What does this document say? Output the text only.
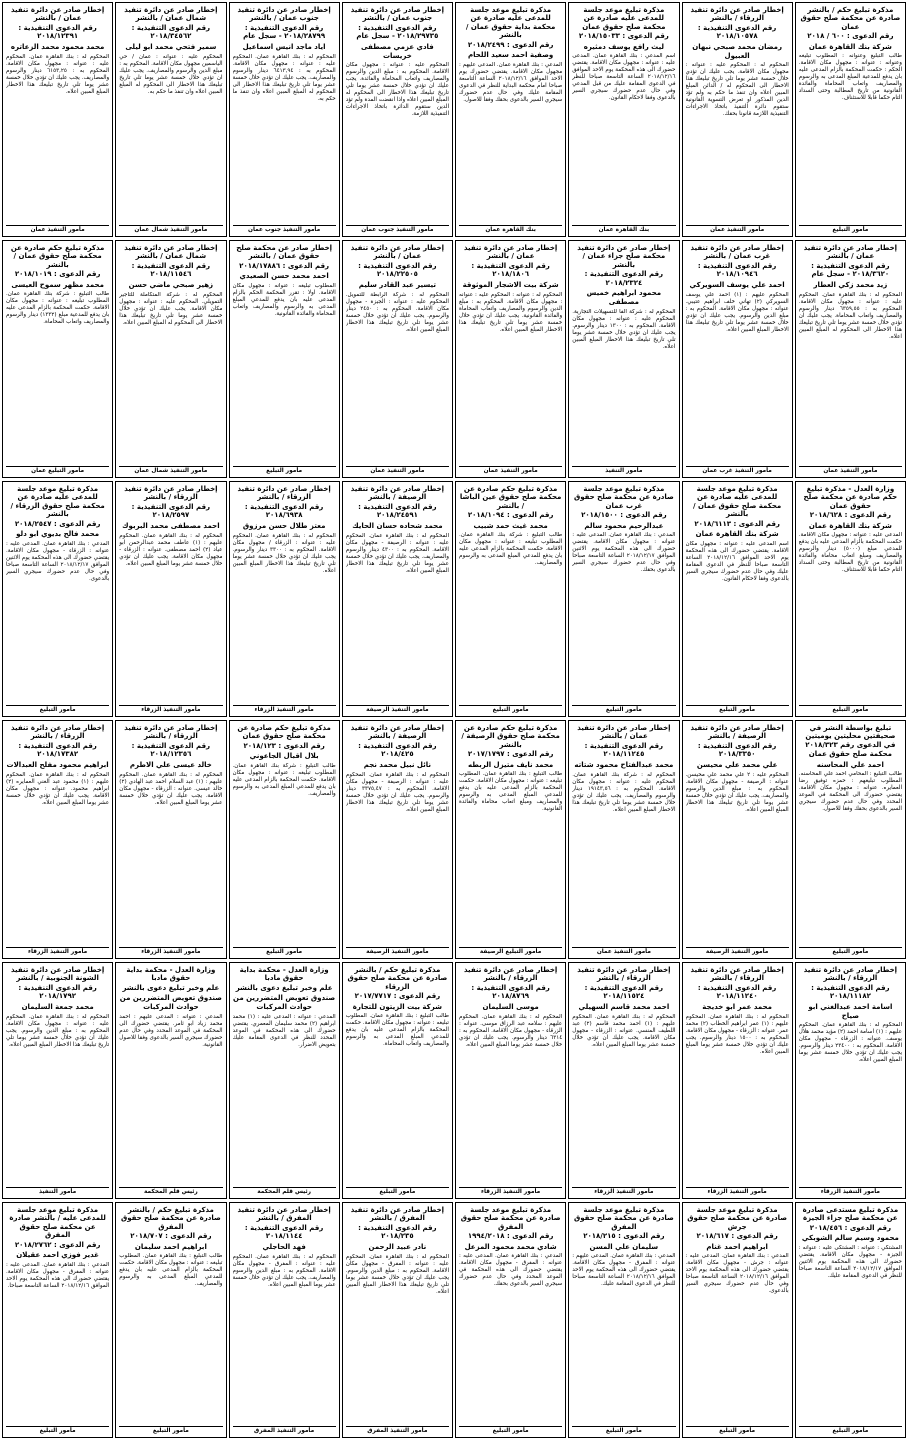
مذكرة تبليغ حكم / بالنشر صادرة عن محكمة صلح حقوق عمان
رقم الدعوى : ٦٠٠ / ٢٠١٨
شركة بنك القاهرة عمان
طالب التبليغ وعنوانه : المطلوب تبليغه وعنوانه : عنوانه : مجهول مكان الاقامة. الحكم : حكمت المحكمة بالزام المدعى عليه بان يدفع للمدعية المبلغ المدعى به والرسوم والمصاريف واتعاب المحاماة والفائدة القانونية من تاريخ المطالبة وحتى السداد التام حكما قابلا للاستئناف.
مأمور التبليغ
إخطار صادر عن دائرة تنفيذ الزرقاء / بالنشر
رقم الدعوى التنفيذية : ٢٠١٨/١٠٥٧٨
رمضان محمد صبحي نبهان العبيول
المحكوم له : المحكوم عليه : عنوانه : مجهول مكان الاقامة. يجب عليك ان تؤدي خلال خمسة عشر يوما تلي تاريخ تبليغك هذا الاخطار الى المحكوم له / الدائن المبلغ المبين اعلاه وان تنفذ ما حكم به ولم تؤد الدين المذكور او تعرض التسوية القانونية ستقوم دائرة التنفيذ باتخاذ الاجراءات التنفيذية اللازمة قانونا بحقك.
مأمور التنفيذ عمان
مذكرة تبليغ موعد جلسة للمدعى عليه صادرة عن محكمة صلح حقوق عمان
رقم الدعوى : ٢٠١٨/١٥٠٣٣
ليث رافع يوسف دمثيره
اسم المدعي : بنك القاهرة عمان. المدعى عليه : عنوانه : مجهول مكان الاقامة. يقتضي حضورك الى هذه المحكمة يوم الاحد الموافق ٢٠١٨/١٢/١٦ الساعة التاسعة صباحا للنظر في الدعوى المقامة عليك من قبل المدعي وفي حال عدم حضورك سيجري السير بالدعوى وفقا لاحكام القانون.
بنك القاهرة عمان
مذكرة تبليغ موعد جلسة للمدعى عليه صادرة عن محكمة بداية حقوق عمان / بالنشر
رقم الدعوى : ٢٠١٨/٢٤٩٩
وصفية احمد سعيد اللحام
المدعي : بنك القاهرة عمان. المدعى عليهم : مجهول مكان الاقامة. يقتضي حضورك يوم الاحد الموافق ٢٠١٨/١٢/١٦ الساعة التاسعة صباحا امام محكمة البداية للنظر في الدعوى المقامة عليك وفي حال عدم حضورك سيجري السير بالدعوى بحقك وفقا للاصول.
بنك القاهرة عمان
إخطار صادر عن دائرة تنفيذ جنوب عمان / بالنشر
رقم الدعوى التنفيذية : ٢٠١٨/٢٩٧٣٥ - سجل عام
فادي عزمي مصطفى خريسات
المحكوم عليه : عنوانه : مجهول مكان الاقامة. المحكوم به : مبلغ الدين والرسوم والمصاريف واتعاب المحاماة والفائدة. يجب عليك ان تؤدي خلال خمسة عشر يوما تلي تاريخ تبليغك هذا الاخطار الى المحكوم له المبلغ المبين اعلاه واذا انقضت المدة ولم تؤد الدين ستقوم الدائرة باتخاذ الاجراءات التنفيذية اللازمة.
مأمور التنفيذ جنوب عمان
إخطار صادر عن دائرة تنفيذ جنوب عمان / بالنشر
رقم الدعوى التنفيذية : ٢٠١٨/٢٨٧٩٩ - سجل عام
اياد ماجد انيس اسماعيل
المحكوم له : بنك القاهرة عمان. المحكوم عليه : عنوانه : مجهول مكان الاقامة. المحكوم به : ٦٤١٣,٩٤ دينار والرسوم والمصاريف. يجب عليك ان تؤدي خلال خمسة عشر يوما تلي تاريخ تبليغك هذا الاخطار الى المحكوم له المبلغ المبين اعلاه وان تنفذ ما حكم به.
مأمور التنفيذ جنوب عمان
إخطار صادر عن دائرة تنفيذ شمال عمان / بالنشر
رقم الدعوى التنفيذية : ٢٠١٨/٣٤٥٦٢
سمير فتحي محمد ابو ليلى
المحكوم عليه : عنوانه : عمان / حي الياسمين مجهول مكان الاقامة. المحكوم به : مبلغ الدين والرسوم والمصاريف. يجب عليك ان تؤدي خلال خمسة عشر يوما تلي تاريخ تبليغك هذا الاخطار الى المحكوم له المبلغ المبين اعلاه وان تنفذ ما حكم به.
مأمور التنفيذ شمال عمان
إخطار صادر عن دائرة تنفيذ عمان / بالنشر
رقم الدعوى التنفيذية : ٢٠١٨/١٢٣٩١
محمد محمود محمد الزعاتره
المحكوم له : بنك القاهرة عمان. المحكوم عليه : عنوانه : مجهول مكان الاقامة. المحكوم به : ٦١٥٣,٢٥ دينار والرسوم والمصاريف. يجب عليك ان تؤدي خلال خمسة عشر يوما تلي تاريخ تبليغك هذا الاخطار المبلغ المبين اعلاه.
مأمور التنفيذ عمان
إخطار صادر عن دائرة تنفيذ عمان / بالنشر
رقم الدعوى التنفيذية : ٢٠١٨/٣٦٢٠ - سجل عام
زيد محمد زكي العطار
المحكوم له : بنك القاهرة عمان. المحكوم عليه : عنوانه : مجهول مكان الاقامة. المحكوم به : ٦٣٥٩,٥٥ دينار والرسوم والمصاريف واتعاب المحاماة. يجب عليك ان تؤدي خلال خمسة عشر يوما تلي تاريخ تبليغك هذا الاخطار الى المحكوم له المبلغ المبين اعلاه.
مأمور التنفيذ عمان
إخطار صادر عن دائرة تنفيذ غرب عمان / بالنشر
رقم الدعوى التنفيذية : ٢٠١٨/١٠٩٤٦
احمد علي يوسف السويركي
المحكوم عليهم : (١) احمد علي يوسف السويركي (٢) تهاني خلف ابراهيم عتيبي. عنوانه : مجهول مكان الاقامة. المحكوم به : مبلغ الدين والرسوم. يجب عليك ان تؤدي خلال خمسة عشر يوما تلي تاريخ تبليغك هذا الاخطار المبلغ المبين اعلاه.
مأمور التنفيذ غرب عمان
إخطار صادر عن دائرة تنفيذ محكمة صلح جزاء عمان / بالنشر
رقم الدعوى التنفيذية : ٢٠١٨/٢٣٢٤
محمود ابراهيم خميس مصطفى
المحكوم له : شركة الفا للتسهيلات التجارية. المحكوم عليه : عنوانه : مجهول مكان الاقامة. المحكوم به : ١٣٠٠ دينار والرسوم. يجب عليك ان تؤدي خلال خمسة عشر يوما تلي تاريخ تبليغك هذا الاخطار المبلغ المبين اعلاه.
مأمور التنفيذ
إخطار صادر عن دائرة تنفيذ عمان / بالنشر
رقم الدعوى التنفيذية : ٢٠١٨/١٨٠٦
شركة بيت الاشجار الموثوقة
المحكوم له : عنوانه : المحكوم عليه : عنوانه : مجهول مكان الاقامة. المحكوم به : مبلغ الدين والرسوم والمصاريف واتعاب المحاماة والفائدة القانونية. يجب عليك ان تؤدي خلال خمسة عشر يوما تلي تاريخ تبليغك هذا الاخطار المبلغ المبين اعلاه.
مأمور التنفيذ عمان
إخطار صادر عن دائرة تنفيذ عمان / بالنشر
رقم الدعوى التنفيذية : ٢٠١٨/٢٢٥٠٥
تيسير عبد القادر سليم
المحكوم له : شركة الرابطة للتمويل. المحكوم عليه : عنوانه : الجيزة - مجهول مكان الاقامة. المحكوم به : ٢٤٥٠ دينار والرسوم. يجب عليك ان تؤدي خلال خمسة عشر يوما تلي تاريخ تبليغك هذا الاخطار المبلغ المبين اعلاه.
مأمور التنفيذ عمان
إخطار صادر عن محكمة صلح حقوق عمان / بالنشر
رقم الدعوى : ٢٠١٨/١٧٨٨٦
احمد محمد حسن الصعيدي
المطلوب تبليغه : عنوانه : مجهول مكان الاقامة. اولا : تقرر المحكمة الحكم بالزام المدعى عليه بان يدفع للمدعي المبلغ المدعى به والرسوم والمصاريف واتعاب المحاماة والفائدة القانونية.
مأمور التبليغ
إخطار صادر عن دائرة تنفيذ شمال عمان / بالنشر
رقم الدعوى التنفيذية : ٢٠١٨/١١٥٤٦
زهير صبحي ماضي حسن
المحكوم له : شركة المتكاملة للتأجير التمويلي. المحكوم عليه : عنوانه : مجهول مكان الاقامة. يجب عليك ان تؤدي خلال خمسة عشر يوما تلي تاريخ تبليغك هذا الاخطار الى المحكوم له المبلغ المبين اعلاه.
مأمور التنفيذ شمال عمان
مذكرة تبليغ حكم صادرة عن محكمة صلح حقوق عمان / بالنشر
رقم الدعوى : ٢٠١٨/١٠١٩
محمد مظهر سموح العيسى
طالب التبليغ : شركة بنك القاهرة عمان. المطلوب تبليغه : عنوانه : مجهول مكان الاقامة. حكمت المحكمة بالزام المدعى عليه بان يدفع للمدعية مبلغ (١٣٣٢) دينار والرسوم والمصاريف واتعاب المحاماة.
مأمور التبليغ عمان
وزارة العدل - مذكرة تبليغ حكم صادرة عن محكمة صلح حقوق عمان
رقم الدعوى : ٢٠١٨/٦٢٨
شركة بنك القاهرة عمان
المدعى عليه : عنوانه : مجهول مكان الاقامة. حكمت المحكمة بالزام المدعى عليه بان يدفع للمدعي مبلغ (٥٠٠٠) دينار والرسوم والمصاريف ومبلغ اتعاب محاماة والفائدة القانونية من تاريخ المطالبة وحتى السداد التام حكما قابلا للاستئناف.
مأمور التبليغ
مذكرة تبليغ موعد جلسة للمدعى عليه صادرة عن محكمة صلح حقوق عمان / بالنشر
رقم الدعوى : ٢٠١٨/٦١١٣
شركة بنك القاهرة عمان
اسم المدعى عليه : عنوانه : مجهول مكان الاقامة. يقتضي حضورك الى هذه المحكمة يوم الاحد الموافق ٢٠١٨/١٢/١٦ الساعة التاسعة صباحا للنظر في الدعوى المقامة عليك وفي حال عدم حضورك سيجري السير بالدعوى وفقا لاحكام القانون.
مأمور التبليغ
مذكرة تبليغ موعد جلسة صادرة عن محكمة صلح حقوق غرب عمان
رقم الدعوى : ٢٠١٨/١٥٠٠
عبدالرحيم محمود سالم
المدعي : بنك القاهرة عمان. المدعى عليه : عنوانه : مجهول مكان الاقامة. يقتضي حضورك الى هذه المحكمة يوم الاثنين الموافق ٢٠١٨/١٢/١٧ الساعة التاسعة صباحا وفي حال عدم حضورك سيجري السير بالدعوى بحقك.
مأمور التبليغ
مذكرة تبليغ حكم صادرة عن محكمة صلح حقوق عين الباشا / بالنشر
رقم الدعوى : ٢٠١٨/١٠٩٤
محمد غيث حمد شبيب
طالب التبليغ : شركة بنك القاهرة عمان. المطلوب تبليغه : عنوانه : مجهول مكان الاقامة. حكمت المحكمة بالزام المدعى عليه بان يدفع للمدعي المبلغ المدعى به والرسوم والمصاريف.
مأمور التبليغ
إخطار صادر عن دائرة تنفيذ الرصيفة / بالنشر
رقم الدعوى التنفيذية : ٢٠١٨/٢٤٥٩١
محمد شحاده حسان الحايك
المحكوم له : بنك القاهرة عمان. المحكوم عليه : عنوانه : الرصيفة - مجهول مكان الاقامة. المحكوم به : ٤٣٠٠ دينار والرسوم والمصاريف. يجب عليك ان تؤدي خلال خمسة عشر يوما تلي تاريخ تبليغك هذا الاخطار المبلغ المبين اعلاه.
مأمور التنفيذ الرصيفة
إخطار صادر عن دائرة تنفيذ الزرقاء / بالنشر
رقم الدعوى التنفيذية : ٢٠١٨/٦٩٣٨
معتز طلال حسن مرزوق
المحكوم له : بنك القاهرة عمان. المحكوم عليه : عنوانه : الزرقاء / مجهول مكان الاقامة. المحكوم به : ٣٣٠٠ دينار والرسوم. يجب عليك ان تؤدي خلال خمسة عشر يوما تلي تاريخ تبليغك هذا الاخطار المبلغ المبين اعلاه.
مأمور التنفيذ الزرقاء
إخطار صادر عن دائرة تنفيذ الزرقاء / بالنشر
رقم الدعوى التنفيذية : ٢٠١٨/٢٥٩٧
احمد مصطفى محمد البربوك
المحكوم له : بنك القاهرة عمان. المحكوم عليهم : (١) عاطف محمد عبدالرحمن ابو عياد (٢) احمد مصطفى. عنوانه : الزرقاء - مجهول مكان الاقامة. يجب عليك ان تؤدي خلال خمسة عشر يوما المبلغ المبين اعلاه.
مأمور التنفيذ الزرقاء
مذكرة تبليغ موعد جلسة للمدعى عليه صادرة عن محكمة صلح حقوق الزرقاء / بالنشر
رقم الدعوى : ٢٠١٨/٢٥٤٧
محمد فالح بديوي ابو دلو
المدعي : بنك القاهرة عمان. المدعى عليه : عنوانه : الزرقاء - مجهول مكان الاقامة. يقتضي حضورك الى هذه المحكمة يوم الاثنين الموافق ٢٠١٨/١٢/١٧ الساعة التاسعة صباحا وفي حال عدم حضورك سيجري السير بالدعوى.
مأمور التبليغ
تبليغ بواسطة النشر في صحيفتين محليتين يوميتين في الدعوى رقم ٢٠١٨/٣٢٣
محكمة صلح حقوق عمان
احمد علي المحاسنه
طالب التبليغ : المحامي احمد علي المحاسنه. المطلوب تبليغهم : حمزه توفيق رضا العمايره. عنوانه : مجهول مكان الاقامة. يقتضي حضورك الى المحكمة في الموعد المحدد وفي حال عدم حضورك سيجري السير بالدعوى بحقك وفقا للاصول.
مأمور التبليغ
إخطار صادر عن دائرة تنفيذ الرصيفة / بالنشر
رقم الدعوى التنفيذية : ٢٠١٨/٣٣٥٠
علي محمد علي محيسن
المحكوم عليه : ٢ علي محمد علي محيسن. عنوانه : الرصيفة - مجهول مكان الاقامة. المحكوم به : مبلغ الدين والرسوم والمصاريف. يجب عليك ان تؤدي خلال خمسة عشر يوما تلي تاريخ تبليغك هذا الاخطار المبلغ المبين اعلاه.
مأمور التنفيذ الرصيفة
إخطار صادر عن دائرة تنفيذ عمان / بالنشر
رقم الدعوى التنفيذية : ٢٠١٨/١١٢٤٥
محمد عبدالفتاح محمود شتاته
المحكوم له : شركة بنك القاهرة عمان. المحكوم عليه : عنوانه : مجهول مكان الاقامة. المحكوم به : ١٩١٤٣,٥٦ دينار والرسوم والمصاريف. يجب عليك ان تؤدي خلال خمسة عشر يوما تلي تاريخ تبليغك هذا الاخطار المبلغ المبين اعلاه.
مأمور التنفيذ عمان
مذكرة تبليغ حكم صادرة عن محكمة صلح حقوق الرصيفة / بالنشر
رقم الدعوى : ٢٠١٧/١٧٩٧
محمد نايف متيزل الربطه
طالب التبليغ : بنك القاهرة عمان. المطلوب تبليغه : عنوانه : مجهول مكان الاقامة. حكمت المحكمة بالزام المدعى عليه بان يدفع للمدعي المبلغ المدعى به والرسوم والمصاريف ومبلغ اتعاب محاماة والفائدة القانونية.
مأمور التبليغ الرصيفة
إخطار صادر عن دائرة تنفيذ الرصيفة / بالنشر
رقم الدعوى التنفيذية : ٢٠١٨/٤٢٥
نائل نبيل محمد نجم
المحكوم له : بنك القاهرة عمان. المحكوم عليه : عنوانه : الرصيفة - مجهول مكان الاقامة. المحكوم به : ٣٣٧٥,٤٧ دينار والرسوم. يجب عليك ان تؤدي خلال خمسة عشر يوما تلي تاريخ تبليغك هذا الاخطار المبلغ المبين اعلاه.
مأمور التنفيذ الرصيفة
مذكرة تبليغ حكم صادرة عن محكمة صلح حقوق عمان
رقم الدعوى : ٢٠١٨/١٢٣
بلال اقبال الجاعوني
طالب التبليغ : شركة بنك القاهرة عمان. المطلوب تبليغه : عنوانه : مجهول مكان الاقامة. حكمت المحكمة بالزام المدعى عليه بان يدفع للمدعي المبلغ المدعى به والرسوم والمصاريف.
مأمور التبليغ
إخطار صادر عن دائرة تنفيذ الزرقاء / بالنشر
رقم الدعوى التنفيذية : ٢٠١٨/١٢٣٥٦
خالد عيسى علي الاطرم
المحكوم له : بنك القاهرة عمان. المحكوم عليهم : (١) عبد السلام احمد عبد الهادي (٢) خالد عيسى. عنوانه : الزرقاء - مجهول مكان الاقامة. يجب عليك ان تؤدي خلال خمسة عشر يوما المبلغ المبين اعلاه.
مأمور التنفيذ الزرقاء
إخطار صادر عن دائرة تنفيذ الزرقاء / بالنشر
رقم الدعوى التنفيذية : ٢٠١٨/١٧٣٨٢
ابراهيم محمود مفلح العبدالات
المحكوم له : بنك القاهرة عمان. المحكوم عليهم : (١) محمود عبد الغني العمايره (٢) ابراهيم محمود. عنوانه : مجهول مكان الاقامة. يجب عليك ان تؤدي خلال خمسة عشر يوما المبلغ المبين اعلاه.
مأمور التنفيذ الزرقاء
إخطار صادر عن دائرة تنفيذ الزرقاء / بالنشر
رقم الدعوى التنفيذية : ٢٠١٨/١١١٨٢
اسامة احمد عبدالغني ابو صياح
المحكوم له : بنك القاهرة عمان. المحكوم عليهم : (١) اسامة احمد (٢) مؤيد محمد هلال يوسف. عنوانه : الزرقاء - مجهول مكان الاقامة. المحكوم به : ٢٣٤٠٠ دينار والرسوم. يجب عليك ان تؤدي خلال خمسة عشر يوما المبلغ المبين اعلاه.
مأمور التنفيذ الزرقاء
إخطار صادر عن دائرة تنفيذ الزرقاء / بالنشر
رقم الدعوى التنفيذية : ٢٠١٨/١١٢٤٠
محمد عمر ابو خديجة
المحكوم له : بنك القاهرة عمان. المحكوم عليهم : (١) عمر ابراهيم الخطاب (٢) محمد عمر. عنوانه : الزرقاء - مجهول مكان الاقامة. المحكوم به : ١٥٠٠ دينار والرسوم. يجب عليك ان تؤدي خلال خمسة عشر يوما المبلغ المبين اعلاه.
مأمور التنفيذ الزرقاء
إخطار صادر عن دائرة تنفيذ الزرقاء / بالنشر
رقم الدعوى التنفيذية : ٢٠١٨/١١٥٢٤
احمد محمد قاسم السهيلي
المحكوم له : بنك القاهرة عمان. المحكوم عليهم : (١) احمد محمد قاسم (٢) عبد اللطيف المنسي. عنوانه : الزرقاء - مجهول مكان الاقامة. يجب عليك ان تؤدي خلال خمسة عشر يوما المبلغ المبين اعلاه.
مأمور التنفيذ الزرقاء
إخطار صادر عن دائرة تنفيذ الزرقاء / بالنشر
رقم الدعوى التنفيذية : ٢٠١٨/٨٧٦٩
موسى السليمان
المحكوم له : بنك القاهرة عمان. المحكوم عليهم : سلامه عبد الرزاق موسى. عنوانه : الزرقاء - مجهول مكان الاقامة. المحكوم به : ٦٣١٤ دينار والرسوم. يجب عليك ان تؤدي خلال خمسة عشر يوما المبلغ المبين اعلاه.
مأمور التنفيذ الزرقاء
مذكرة تبليغ حكم / بالنشر صادرة عن محكمة صلح حقوق الزرقاء
رقم الدعوى : ٢٠١٧/٧٧١٧
شركة بيت الزيتون للتجارة
طالب التبليغ : بنك القاهرة عمان. المطلوب تبليغه : عنوانه : مجهول مكان الاقامة. حكمت المحكمة بالزام المدعى عليه بان يدفع للمدعي المبلغ المدعى به والرسوم والمصاريف واتعاب المحاماة.
مأمور التبليغ
وزارة العدل - محكمة بداية حقوق مادبا
علم وخبر تبليغ دعوى بالنشر
صندوق تعويض المتضررين من حوادث المركبات
المدعي : عنوانه : المدعى عليه : (١) محمد ابراهيم (٢) محمد سليمان المعمري. يقتضي حضورك الى هذه المحكمة في الموعد المحدد للنظر في الدعوى المقامة عليك بتعويض الاضرار.
رئيس قلم المحكمة
وزارة العدل - محكمة بداية حقوق مادبا
علم وخبر تبليغ دعوى بالنشر
صندوق تعويض المتضررين من حوادث المركبات
المدعي : عنوانه : المدعى عليهم : احمد محمد زياد ابو ثامر. يقتضي حضورك الى المحكمة في الموعد المحدد وفي حال عدم حضورك سيجري السير بالدعوى وفقا للاصول القانونية.
رئيس قلم المحكمة
إخطار صادر عن دائرة تنفيذ الشونة الجنوبية / بالنشر
رقم الدعوى التنفيذية : ٢٠١٨/١٧٩٢
محمد جمعة السليمان
المحكوم له : بنك القاهرة عمان. المحكوم عليه : عنوانه : مجهول مكان الاقامة. المحكوم به : مبلغ الدين والرسوم. يجب عليك ان تؤدي خلال خمسة عشر يوما تلي تاريخ تبليغك هذا الاخطار المبلغ المبين اعلاه.
مأمور التنفيذ
مذكرة تبليغ مستدعى صادرة عن محكمة صلح جزاء الجيزة
رقم الدعوى : ٢٠١٨/٤٥٦
محمود وسيم سالم الشوبكي
المشتكي : عنوانه : المشتكى عليه : عنوانه : الجيزة - مجهول مكان الاقامة. يقتضي حضورك الى هذه المحكمة يوم الاثنين الموافق ٢٠١٨/١٢/١٧ الساعة التاسعة صباحا للنظر في الدعوى المقامة عليك.
مأمور التبليغ
مذكرة تبليغ موعد جلسة صادرة عن محكمة صلح حقوق جرش
رقم الدعوى : ٢٠١٨/٦١٧
ابراهيم احمد غنام
المدعي : بنك القاهرة عمان. المدعى عليه : عنوانه : جرش - مجهول مكان الاقامة. يقتضي حضورك الى هذه المحكمة يوم الاحد الموافق ٢٠١٨/١٢/١٦ الساعة التاسعة صباحا وفي حال عدم حضورك سيجري السير بالدعوى.
مأمور التبليغ
مذكرة تبليغ موعد جلسة صادرة عن محكمة صلح حقوق المفرق
رقم الدعوى : ٢٠١٨/٢١٥
سليمان علي المسن
المدعي : بنك القاهرة عمان. المدعى عليهم : عنوانه : المفرق - مجهول مكان الاقامة. يقتضي حضورك الى هذه المحكمة يوم الاحد الموافق ٢٠١٨/١٢/١٦ الساعة التاسعة صباحا للنظر في الدعوى المقامة عليك.
مأمور التبليغ
مذكرة تبليغ موعد جلسة صادرة عن محكمة صلح حقوق المفرق
رقم الدعوى : ١٩٩٤/٢٠١٨
شادي محمد محمود المزعل
المدعي : بنك القاهرة عمان. المدعى عليه : عنوانه : المفرق - مجهول مكان الاقامة. يقتضي حضورك الى هذه المحكمة في الموعد المحدد وفي حال عدم حضورك سيجري السير بالدعوى بحقك.
مأمور التبليغ
إخطار صادر عن دائرة تنفيذ المفرق / بالنشر
رقم الدعوى التنفيذية : ٢٠١٨/٢٣٥
نادر عبيد الرحمن
المحكوم له : بنك القاهرة عمان. المحكوم عليه : عنوانه : المفرق - مجهول مكان الاقامة. المحكوم به : مبلغ الدين والرسوم. يجب عليك ان تؤدي خلال خمسة عشر يوما تلي تاريخ تبليغك هذا الاخطار المبلغ المبين اعلاه.
مأمور التنفيذ المفرق
إخطار صادر عن دائرة تنفيذ المفرق / بالنشر
رقم الدعوى التنفيذية : ٢٠١٨/١١٤٤
فهد الحاجلي
المحكوم له : بنك القاهرة عمان. المحكوم عليه : عنوانه : المفرق - مجهول مكان الاقامة. المحكوم به : مبلغ الدين والرسوم والمصاريف. يجب عليك ان تؤدي خلال خمسة عشر يوما المبلغ المبين اعلاه.
مأمور التنفيذ المفرق
مذكرة تبليغ حكم / بالنشر صادرة عن محكمة صلح حقوق المفرق
رقم الدعوى : ٢٠١٨/٧٠٧
ابراهيم احمد سليمان
طالب التبليغ : بنك القاهرة عمان. المطلوب تبليغه : عنوانه : مجهول مكان الاقامة. حكمت المحكمة بالزام المدعى عليه بان يدفع للمدعي المبلغ المدعى به والرسوم والمصاريف.
مأمور التبليغ
مذكرة تبليغ موعد جلسة للمدعى عليه / بالنشر صادرة عن محكمة صلح حقوق المفرق
رقم الدعوى : ٢٠١٨/٢٧٦٢
غدير فوزي احمد عقيلان
المدعي : بنك القاهرة عمان. المدعى عليه : عنوانه : المفرق - مجهول مكان الاقامة. يقتضي حضورك الى هذه المحكمة يوم الاحد الموافق ٢٠١٨/١٢/١٦ الساعة التاسعة صباحا.
مأمور التبليغ
